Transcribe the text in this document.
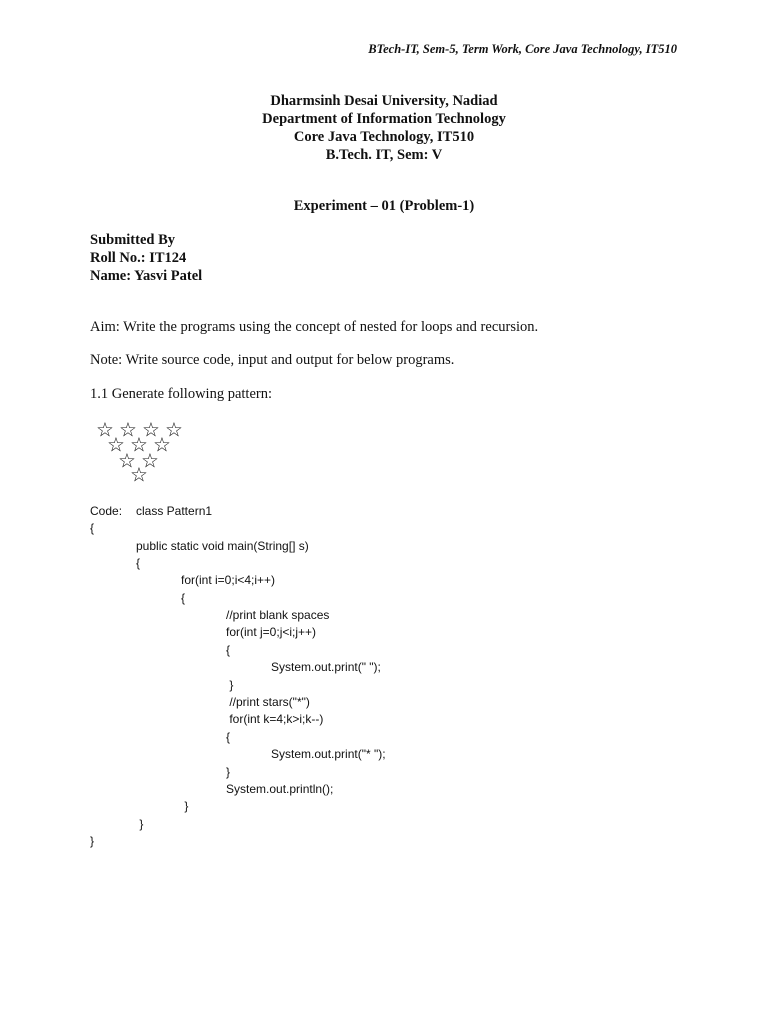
BTech-IT, Sem-5, Term Work, Core Java Technology, IT510
Dharmsinh Desai University, Nadiad
Department of Information Technology
Core Java Technology, IT510
B.Tech. IT, Sem: V
Experiment – 01 (Problem-1)
Submitted By
Roll No.: IT124
Name: Yasvi Patel
Aim: Write the programs using the concept of nested for loops and recursion.
Note: Write source code, input and output for below programs.
1.1 Generate following pattern:
☆ ☆ ☆ ☆
☆ ☆ ☆
☆ ☆
☆
Code: class Pattern1
{
public static void main(String[] s)
{
for(int i=0;i<4;i++)
{
//print blank spaces
for(int j=0;j<i;j++)
{
System.out.print(" ");
}
//print stars("*")
for(int k=4;k>i;k--)
{
System.out.print("* ");
}
System.out.println();
}
}
}
